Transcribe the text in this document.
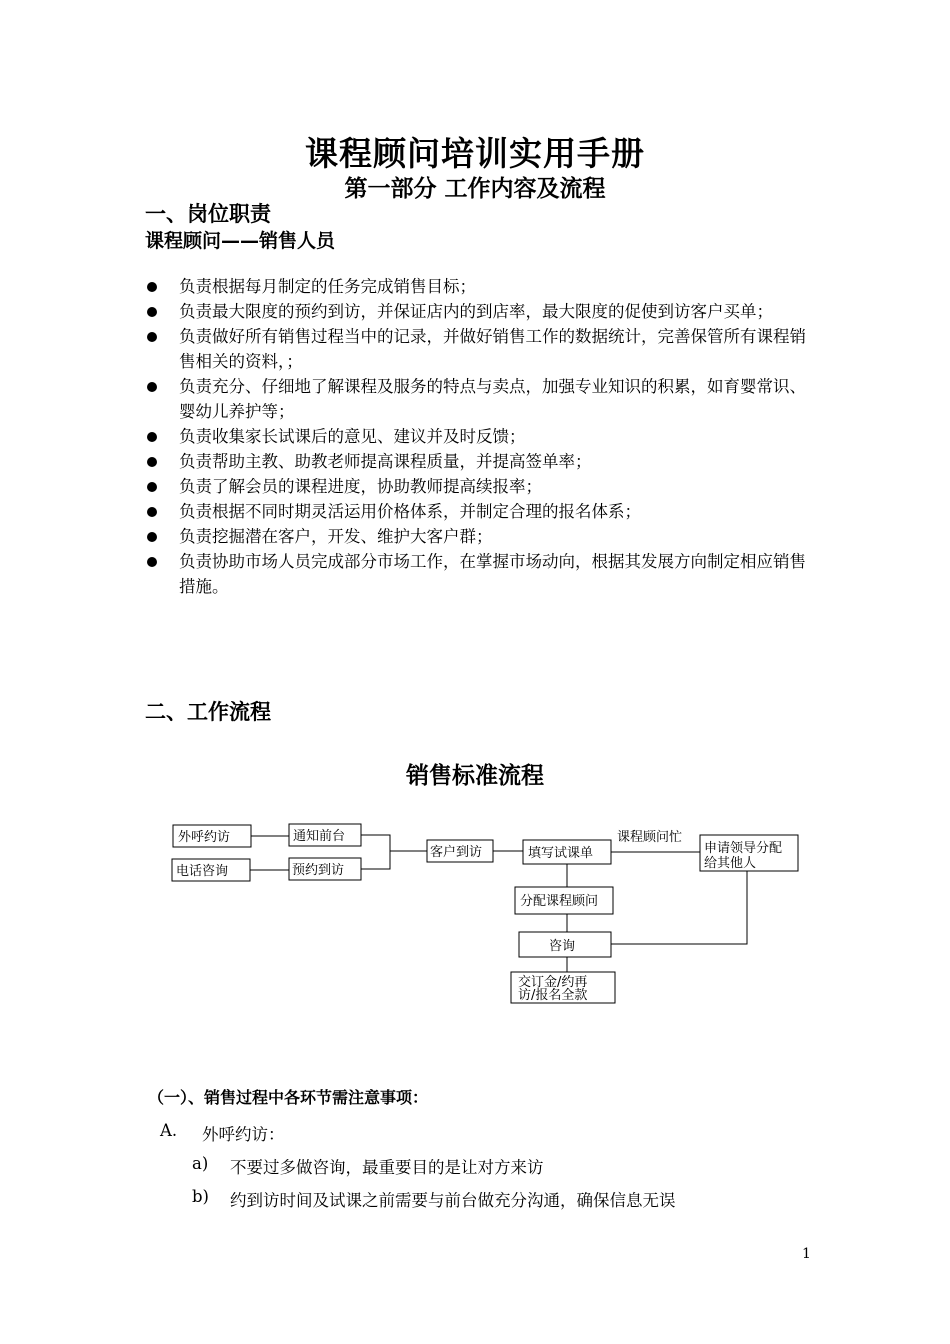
课程顾问培训实用手册
第一部分 工作内容及流程
一、岗位职责
课程顾问——销售人员
负责根据每月制定的任务完成销售目标；
负责最大限度的预约到访，并保证店内的到店率，最大限度的促使到访客户买单；
负责做好所有销售过程当中的记录，并做好销售工作的数据统计，完善保管所有课程销售相关的资料，；
负责充分、仔细地了解课程及服务的特点与卖点，加强专业知识的积累，如育婴常识、婴幼儿养护等；
负责收集家长试课后的意见、建议并及时反馈；
负责帮助主教、助教老师提高课程质量，并提高签单率；
负责了解会员的课程进度，协助教师提高续报率；
负责根据不同时期灵活运用价格体系，并制定合理的报名体系；
负责挖掘潜在客户，开发、维护大客户群；
负责协助市场人员完成部分市场工作，在掌握市场动向，根据其发展方向制定相应销售措施。
二、工作流程
销售标准流程
外呼约访
电话咨询
通知前台
预约到访
客户到访	填写试课单
课程顾问忙
申请领导分配
给其他人
分配课程顾问
咨询
交订金/约再
访/报名全款
（一）、销售过程中各环节需注意事项：
A. 外呼约访：
a) 不要过多做咨询，最重要目的是让对方来访
b) 约到访时间及试课之前需要与前台做充分沟通，确保信息无误
1
